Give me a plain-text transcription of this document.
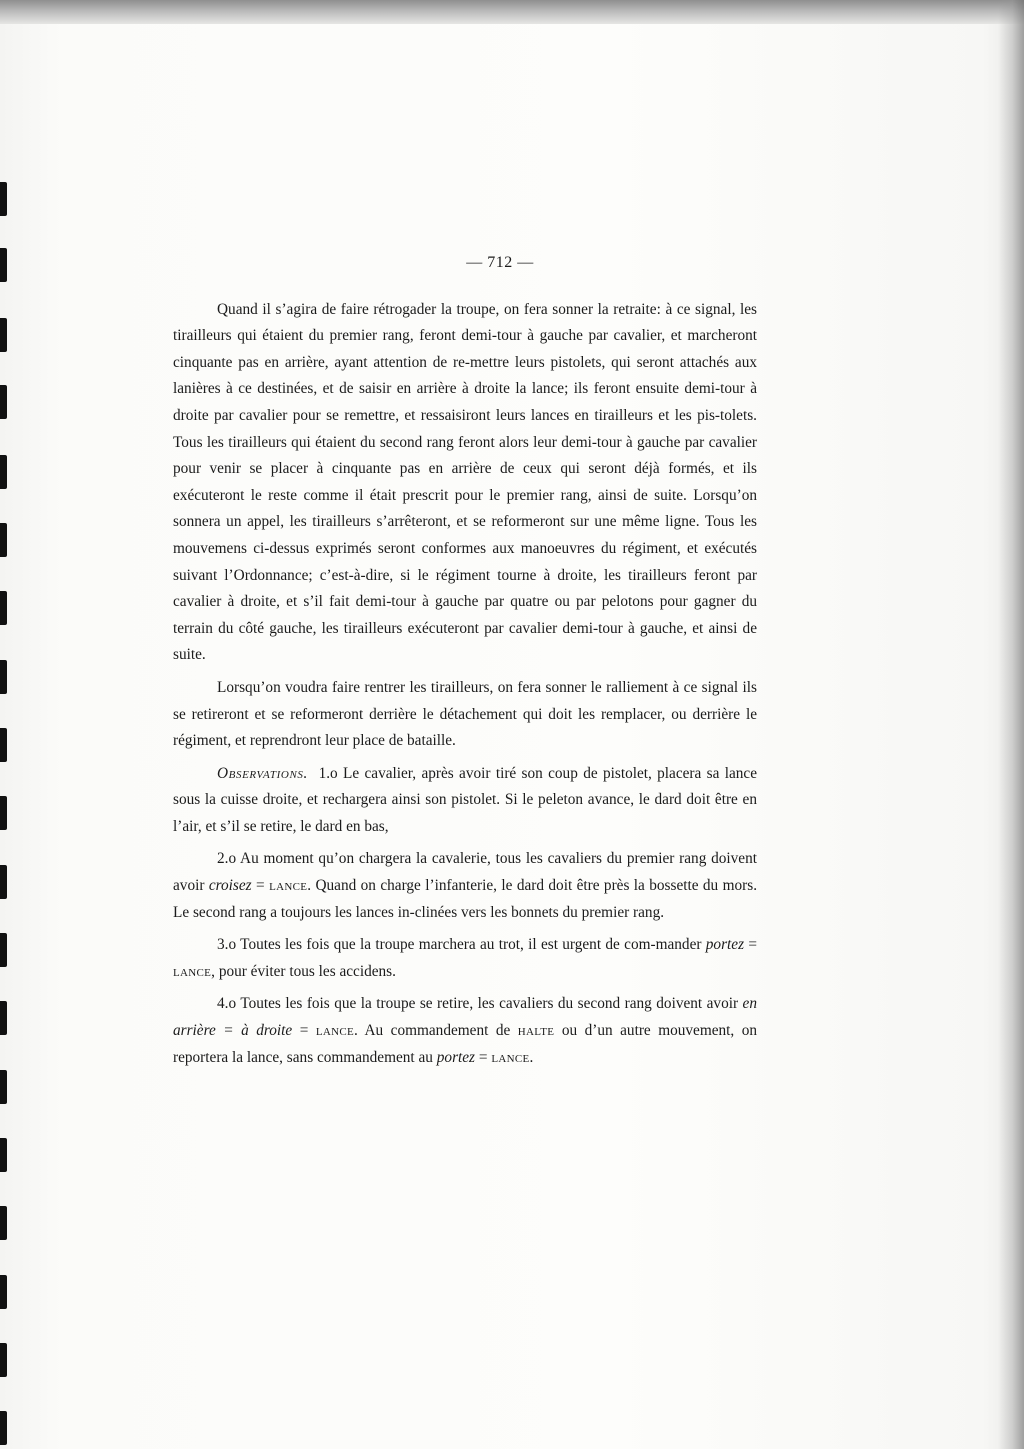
— 712 —

Quand il s’agira de faire rétrogader la troupe, on fera sonner la retraite: à ce signal, les tirailleurs qui étaient du premier rang, feront demi-tour à gauche par cavalier, et marcheront cinquante pas en arrière, ayant attention de re-mettre leurs pistolets, qui seront attachés aux lanières à ce destinées, et de saisir en arrière à droite la lance; ils feront ensuite demi-tour à droite par cavalier pour se remettre, et ressaisiront leurs lances en tirailleurs et les pis-tolets. Tous les tirailleurs qui étaient du second rang feront alors leur demi-tour à gauche par cavalier pour venir se placer à cinquante pas en arrière de ceux qui seront déjà formés, et ils exécuteront le reste comme il était prescrit pour le premier rang, ainsi de suite. Lorsqu’on sonnera un appel, les tirailleurs s’arrêteront, et se reformeront sur une même ligne. Tous les mouvemens ci-dessus exprimés seront conformes aux manoeuvres du régiment, et exécutés suivant l’Ordonnance; c’est-à-dire, si le régiment tourne à droite, les tirailleurs feront par cavalier à droite, et s’il fait demi-tour à gauche par quatre ou par pelotons pour gagner du terrain du côté gauche, les tirailleurs exécuteront par cavalier demi-tour à gauche, et ainsi de suite.

Lorsqu’on voudra faire rentrer les tirailleurs, on fera sonner le ralliement à ce signal ils se retireront et se reformeront derrière le détachement qui doit les remplacer, ou derrière le régiment, et reprendront leur place de bataille.

Observations. 1.o Le cavalier, après avoir tiré son coup de pistolet, placera sa lance sous la cuisse droite, et rechargera ainsi son pistolet. Si le peleton avance, le dard doit être en l’air, et s’il se retire, le dard en bas,

2.o Au moment qu’on chargera la cavalerie, tous les cavaliers du premier rang doivent avoir croisez = lance. Quand on charge l’infanterie, le dard doit être près la bossette du mors. Le second rang a toujours les lances in-clinées vers les bonnets du premier rang.

3.o Toutes les fois que la troupe marchera au trot, il est urgent de com-mander portez = lance, pour éviter tous les accidens.

4.o Toutes les fois que la troupe se retire, les cavaliers du second rang doivent avoir en arrière = à droite = lance. Au commandement de halte ou d’un autre mouvement, on reportera la lance, sans commandement au portez = lance.
